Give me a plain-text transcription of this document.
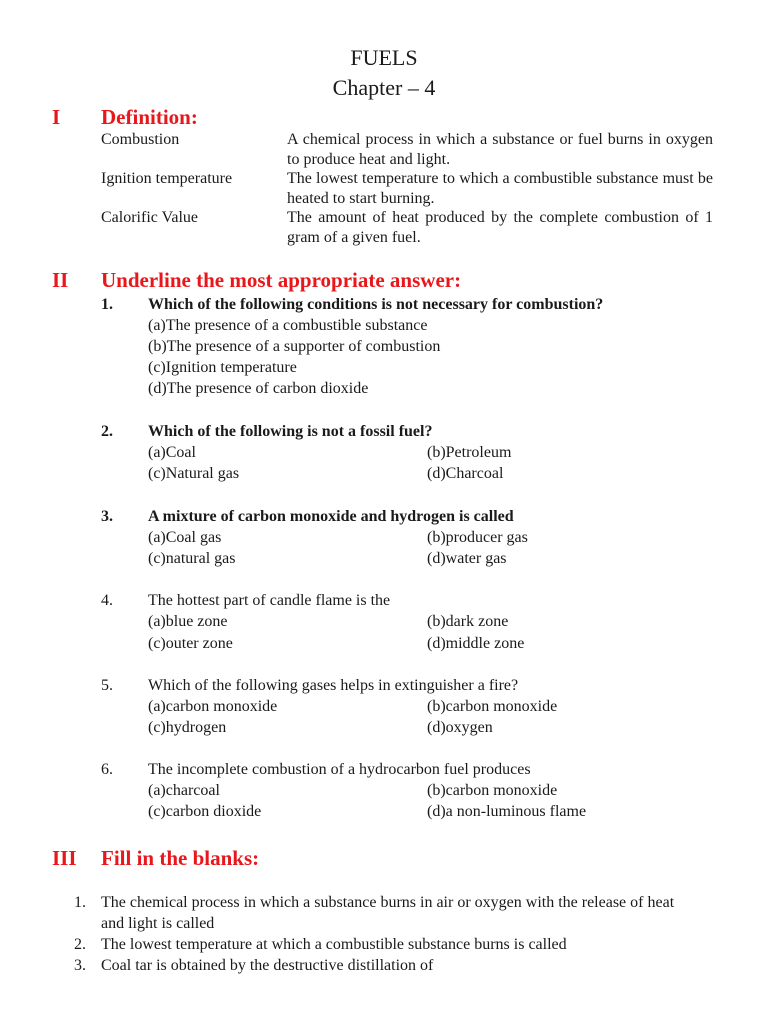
FUELS
Chapter – 4
I Definition:
Combustion	A chemical process in which a substance or fuel burns in oxygen to produce heat and light.
Ignition temperature	The lowest temperature to which a combustible substance must be heated to start burning.
Calorific Value	The amount of heat produced by the complete combustion of 1 gram of a given fuel.
II Underline the most appropriate answer:
1. Which of the following conditions is not necessary for combustion?
(a)The presence of a combustible substance
(b)The presence of a supporter of combustion
(c)Ignition temperature
(d)The presence of carbon dioxide
2. Which of the following is not a fossil fuel?
(a)Coal	(b)Petroleum
(c)Natural gas	(d)Charcoal
3. A mixture of carbon monoxide and hydrogen is called
(a)Coal gas	(b)producer gas
(c)natural gas	(d)water gas
4. The hottest part of candle flame is the
(a)blue zone	(b)dark zone
(c)outer zone	(d)middle zone
5. Which of the following gases helps in extinguisher a fire?
(a)carbon monoxide	(b)carbon monoxide
(c)hydrogen	(d)oxygen
6. The incomplete combustion of a hydrocarbon fuel produces
(a)charcoal	(b)carbon monoxide
(c)carbon dioxide	(d)a non-luminous flame
III Fill in the blanks:
1. The chemical process in which a substance burns in air or oxygen with the release of heat and light is called
2. The lowest temperature at which a combustible substance burns is called
3. Coal tar is obtained by the destructive distillation of
